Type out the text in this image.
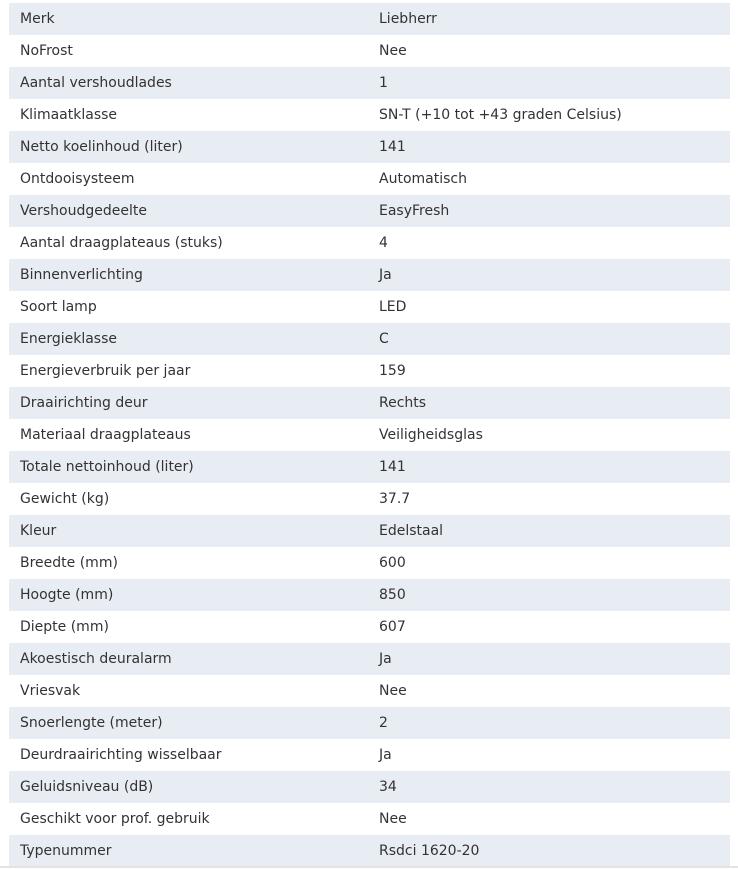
Merk	Liebherr
NoFrost	Nee
Aantal vershoudlades	1
Klimaatklasse	SN-T (+10 tot +43 graden Celsius)
Netto koelinhoud (liter)	141
Ontdooisysteem	Automatisch
Vershoudgedeelte	EasyFresh
Aantal draagplateaus (stuks)	4
Binnenverlichting	Ja
Soort lamp	LED
Energieklasse	C
Energieverbruik per jaar	159
Draairichting deur	Rechts
Materiaal draagplateaus	Veiligheidsglas
Totale nettoinhoud (liter)	141
Gewicht (kg)	37.7
Kleur	Edelstaal
Breedte (mm)	600
Hoogte (mm)	850
Diepte (mm)	607
Akoestisch deuralarm	Ja
Vriesvak	Nee
Snoerlengte (meter)	2
Deurdraairichting wisselbaar	Ja
Geluidsniveau (dB)	34
Geschikt voor prof. gebruik	Nee
Typenummer	Rsdci 1620-20
